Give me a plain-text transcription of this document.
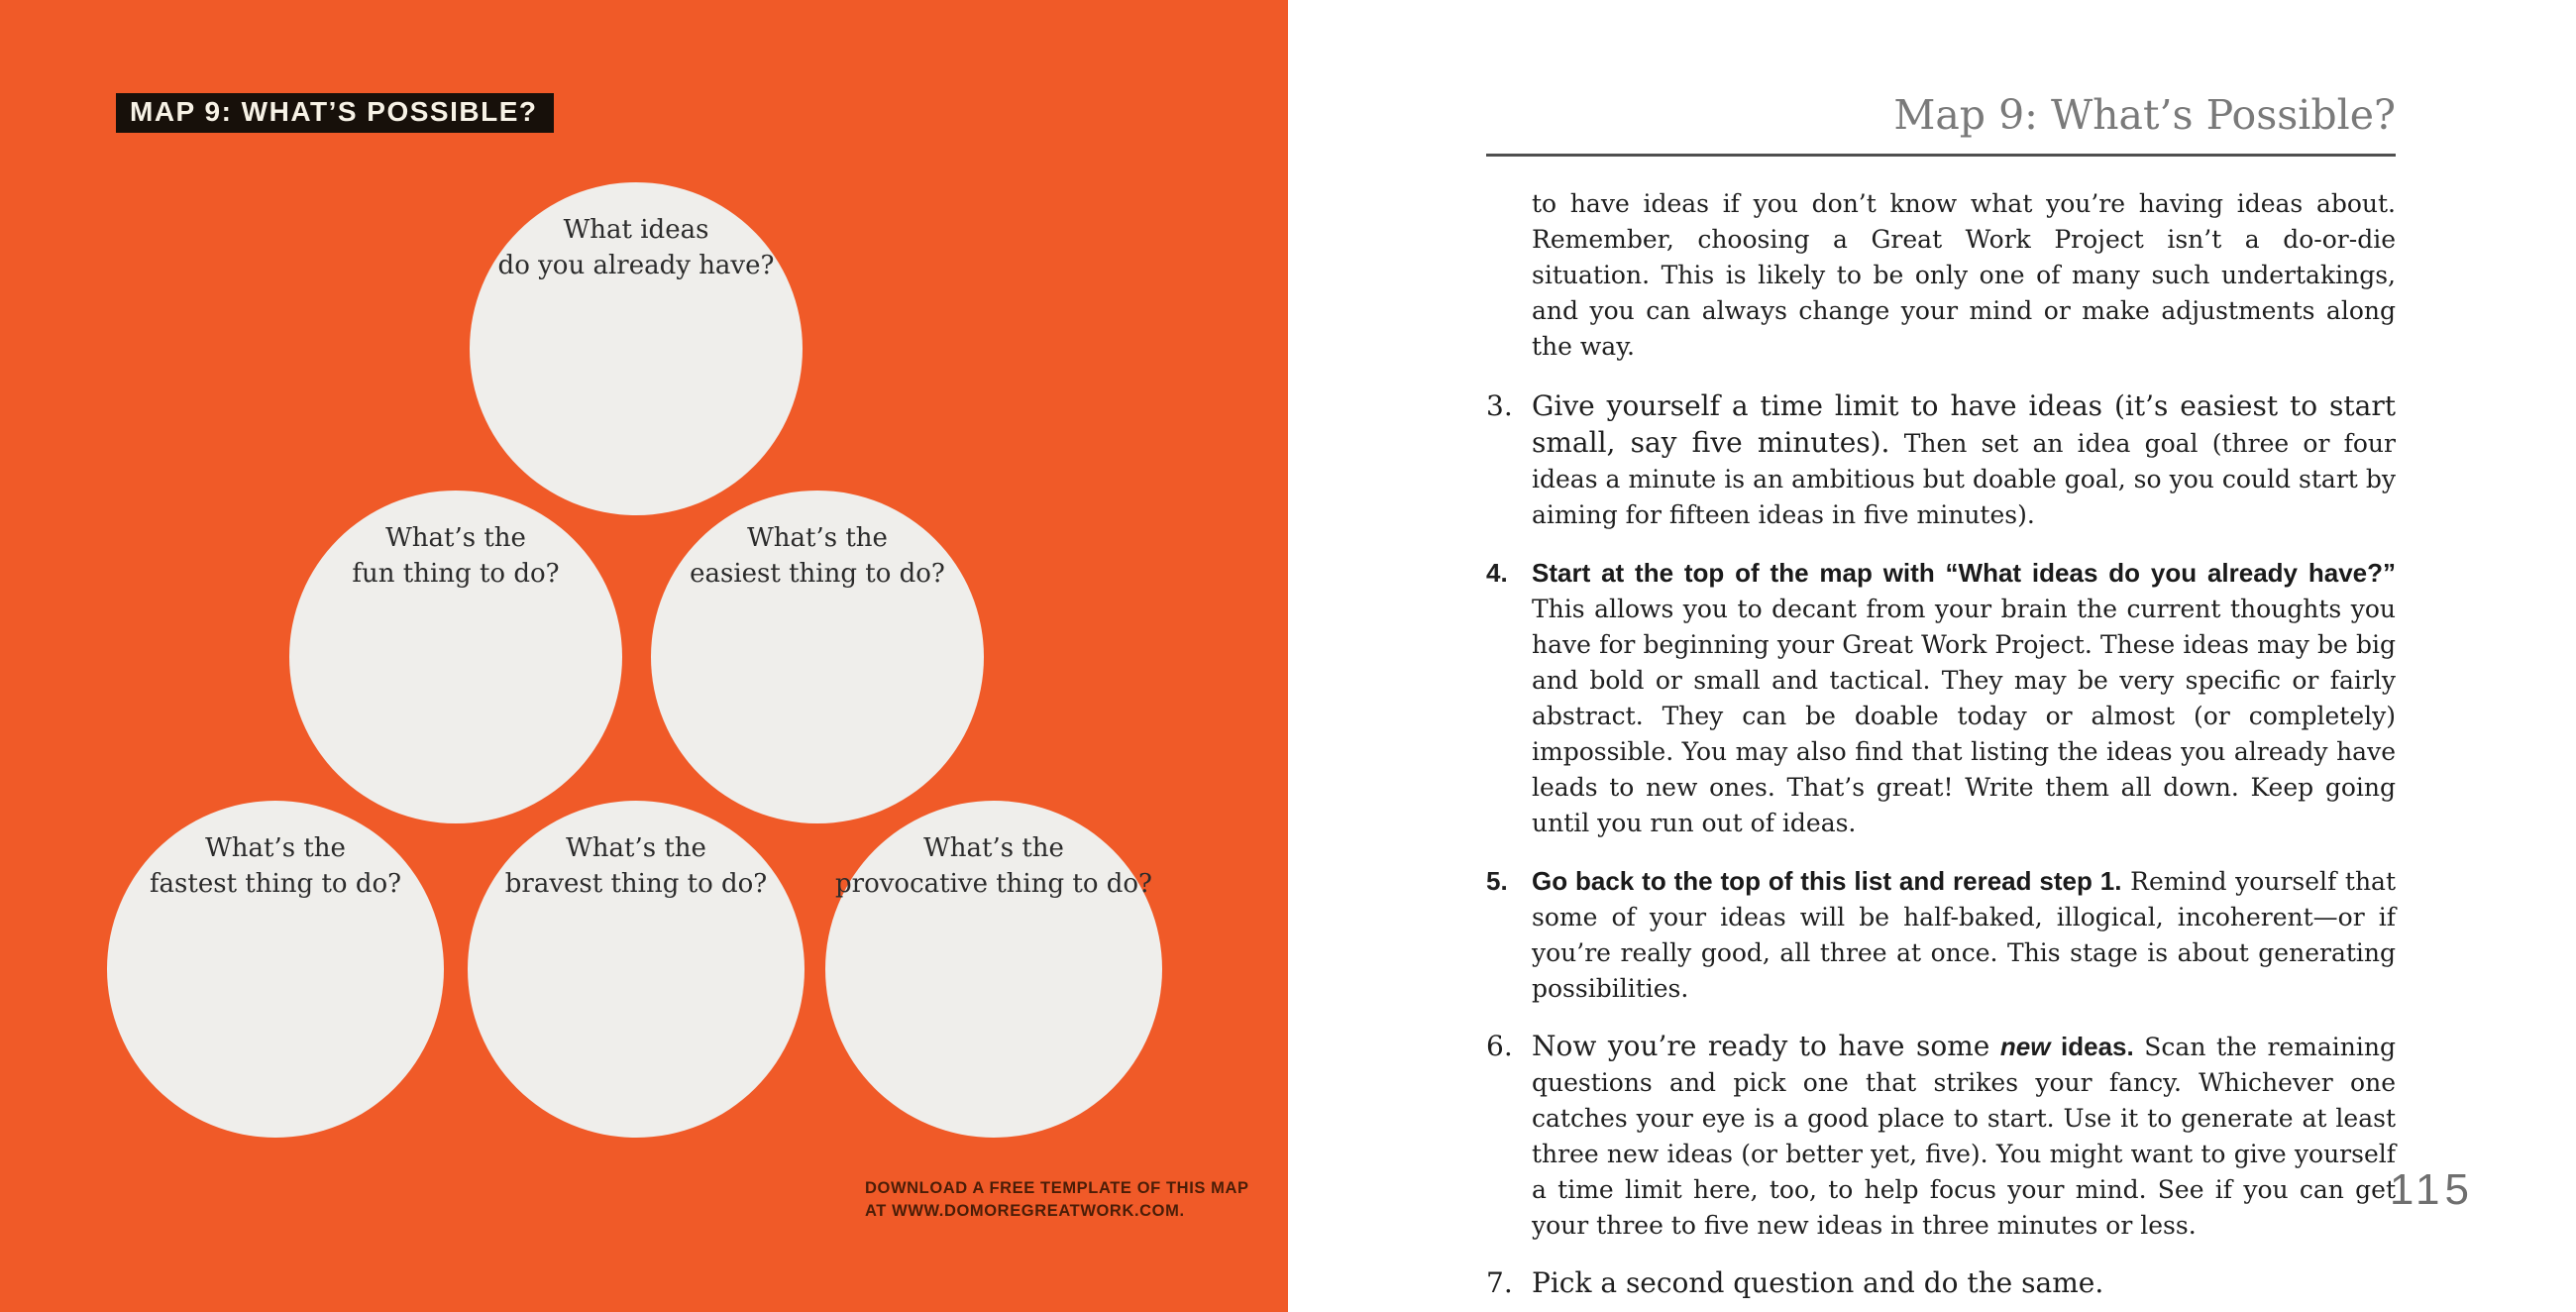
MAP 9: WHAT’S POSSIBLE?
What ideas
do you already have?
What’s the
fun thing to do?
What’s the
easiest thing to do?
What’s the
fastest thing to do?
What’s the
bravest thing to do?
What’s the
provocative thing to do?
DOWNLOAD A FREE TEMPLATE OF THIS MAP
AT WWW.DOMOREGREATWORK.COM.
Map 9: What’s Possible?

to have ideas if you don’t know what you’re having ideas about. Remember, choosing a Great Work Project isn’t a do-or-die situation. This is likely to be only one of many such undertakings, and you can always change your mind or make adjustments along the way.

3. Give yourself a time limit to have ideas (it’s easiest to start small, say five minutes). Then set an idea goal (three or four ideas a minute is an ambitious but doable goal, so you could start by aiming for fifteen ideas in five minutes).
4. Start at the top of the map with “What ideas do you already have?” This allows you to decant from your brain the current thoughts you have for beginning your Great Work Project. These ideas may be big and bold or small and tactical. They may be very specific or fairly abstract. They can be doable today or almost (or completely) impossible. You may also find that listing the ideas you already have leads to new ones. That’s great! Write them all down. Keep going until you run out of ideas.
5. Go back to the top of this list and reread step 1. Remind yourself that some of your ideas will be half-baked, illogical, incoherent—or if you’re really good, all three at once. This stage is about generating possibilities.
6. Now you’re ready to have some new ideas. Scan the remaining questions and pick one that strikes your fancy. Whichever one catches your eye is a good place to start. Use it to generate at least three new ideas (or better yet, five). You might want to give yourself a time limit here, too, to help focus your mind. See if you can get your three to five new ideas in three minutes or less.
7. Pick a second question and do the same.
115
